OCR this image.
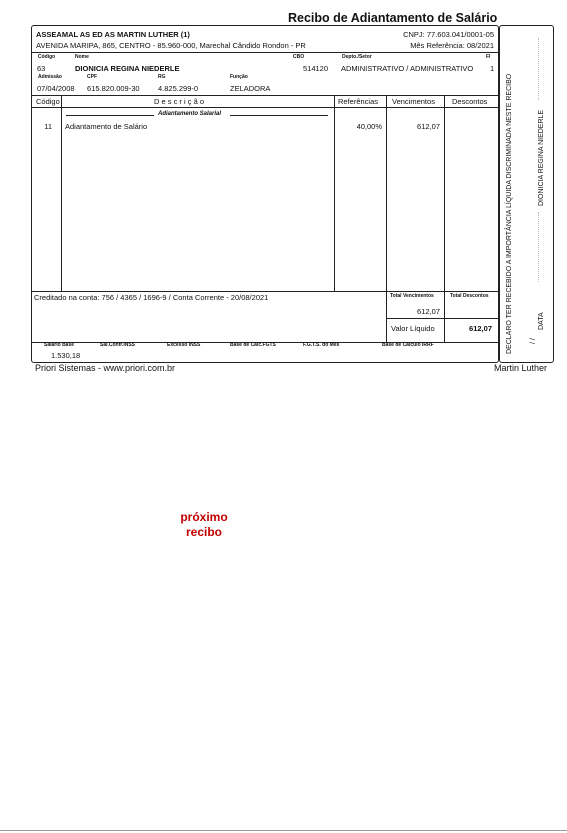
Recibo de Adiantamento de Salário
ASSEAMAL AS ED AS MARTIN LUTHER (1)	CNPJ: 77.603.041/0001-05
AVENIDA MARIPA, 865, CENTRO - 85.960-000, Marechal Cândido Rondon - PR	Mês Referência: 08/2021
Código	Nome	CBO	Depto./Setor	Fl
63	DIONICIA REGINA NIEDERLE	514120 ADMINISTRATIVO / ADMINISTRATIVO 1
Admissão	CPF	RG	Função
07/04/2008 615.820.009-30 4.825.299-0	ZELADORA
Código	D e s c r i ç ã o	Referências Vencimentos Descontos
Adiantamento Salarial
11 Adiantamento de Salário	40,00%	612,07
Creditado na conta: 756 / 4365 / 1696-9 / Conta Corrente - 20/08/2021	Total Vencimentos	Total Descontos
612,07
Valor Líquido	612,07
Salário Base	Sal.Contr.INSS	Excesso INSS	Base de Cálc.FGTS	F.G.T.S. do Mês	Base de Cálculo IRRF
1.530,18
DECLARO TER RECEBIDO A IMPORTÂNCIA LÍQUIDA DISCRIMINADA NESTE RECIBO	DIONICIA REGINA NIEDERLE
DATA
/ /
Priori Sistemas - www.priori.com.br	Martin Luther
próximo recibo
